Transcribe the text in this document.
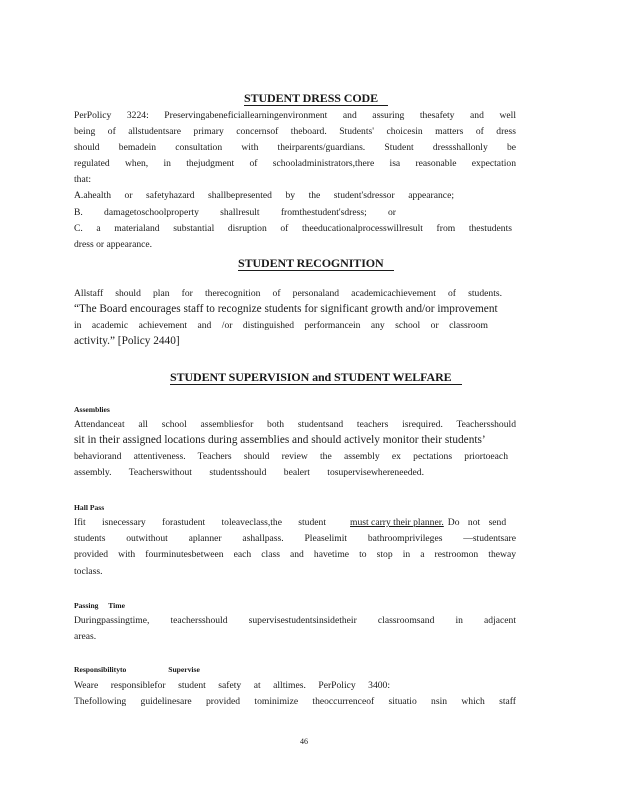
STUDENT DRESS CODE
PerPolicy 3224: Preservingabeneficiallearningenvironment and assuring thesafety and well
being of allstudentsare primary concernsof theboard. Students' choicesin matters of dress
should bemadein consultation with theirparents/guardians. Student dressshallonly be
regulated when, in thejudgment of schooladministrators,there isa reasonable expectation
that:
A.ahealth or safetyhazard shallbepresented by the student'sdressor appearance;
B. damagetoschoolproperty shallresult fromthestudent'sdress; or
C. a materialand substantial disruption of theeducationalprocesswillresult from thestudents
dress or appearance.
STUDENT RECOGNITION
Allstaff should plan for therecognition of personaland academicachievement of students.
“The Board encourages staff to recognize students for significant growth and/or improvement
in academic achievement and /or distinguished performancein any school or classroom
activity.” [Policy 2440]
STUDENT SUPERVISION and STUDENT WELFARE
Assemblies
Attendanceat all school assembliesfor both studentsand teachers isrequired. Teachersshould
sit in their assigned locations during assemblies and should actively monitor their students’
behaviorand attentiveness. Teachers should review the assembly ex pectations priortoeach
assembly. Teacherswithout studentsshould bealert tosupervisewhereneeded.
Hall Pass
Ifit isnecessary forastudent toleaveclass,the student	must carry their planner. Do not send
students outwithout aplanner ashallpass. Pleaselimit bathroomprivileges —studentsare
provided with fourminutesbetween each class and havetime to stop in a restroomon theway
toclass.
Passing Time
Duringpassingtime, teachersshould supervisestudentsinsidetheir classroomsand in adjacent
areas.
Responsibilityto Supervise
Weare responsiblefor student safety at alltimes. PerPolicy 3400:
Thefollowing guidelinesare provided tominimize theoccurrenceof situatio nsin which staff
46
